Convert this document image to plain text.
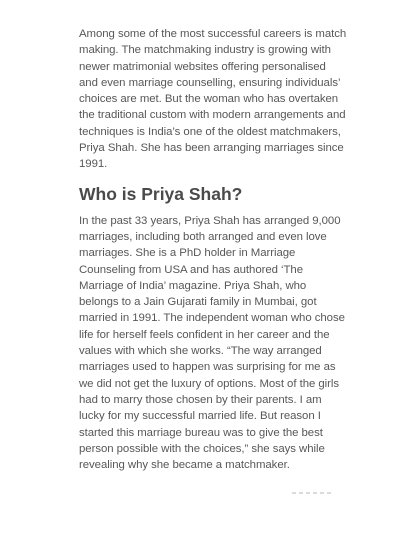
Among some of the most successful careers is match making. The matchmaking industry is growing with newer matrimonial websites offering personalised and even marriage counselling, ensuring individuals’ choices are met. But the woman who has overtaken the traditional custom with modern arrangements and techniques is India’s one of the oldest matchmakers, Priya Shah. She has been arranging marriages since 1991.

Who is Priya Shah?

In the past 33 years, Priya Shah has arranged 9,000 marriages, including both arranged and even love marriages. She is a PhD holder in Marriage Counseling from USA and has authored ‘The Marriage of India’ magazine. Priya Shah, who belongs to a Jain Gujarati family in Mumbai, got married in 1991. The independent woman who chose life for herself feels confident in her career and the values with which she works. “The way arranged marriages used to happen was surprising for me as we did not get the luxury of options. Most of the girls had to marry those chosen by their parents. I am lucky for my successful married life. But reason I started this marriage bureau was to give the best person possible with the choices,” she says while revealing why she became a matchmaker.
